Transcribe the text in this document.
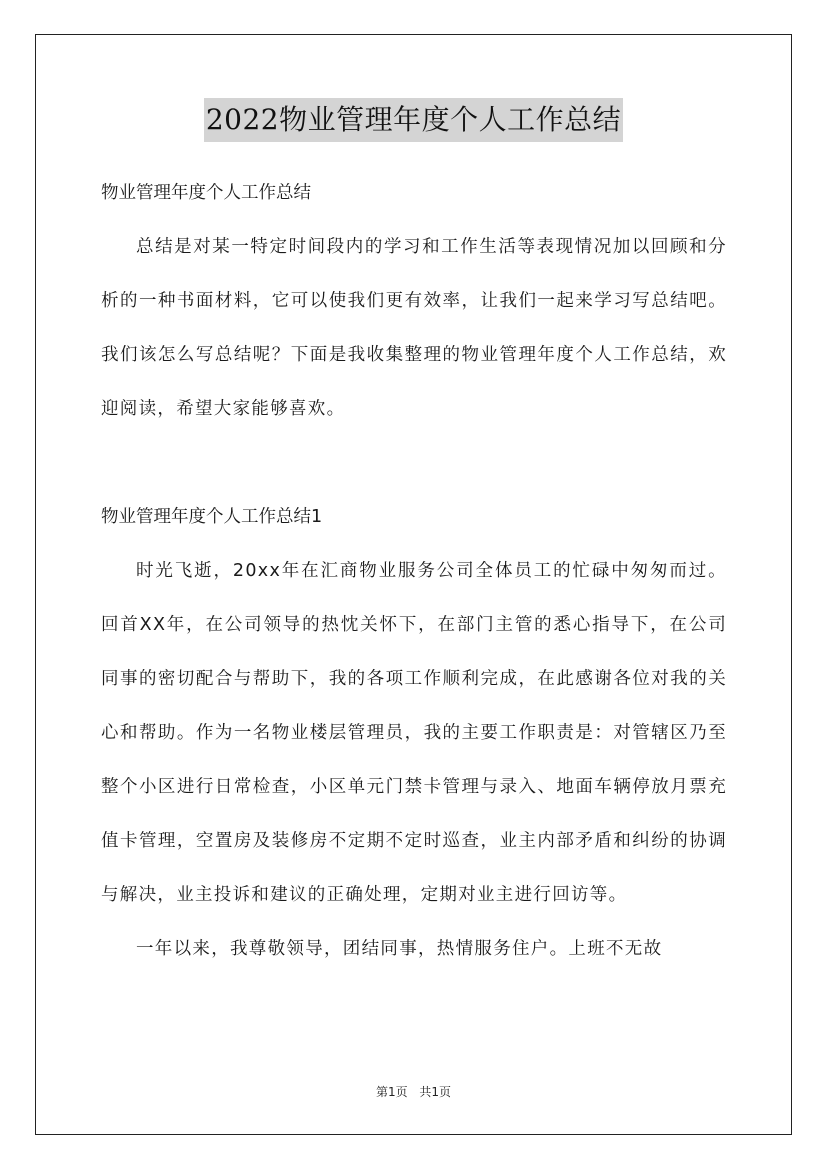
2022物业管理年度个人工作总结

物业管理年度个人工作总结

总结是对某一特定时间段内的学习和工作生活等表现情况加以回顾和分析的一种书面材料，它可以使我们更有效率，让我们一起来学习写总结吧。我们该怎么写总结呢？下面是我收集整理的物业管理年度个人工作总结，欢迎阅读，希望大家能够喜欢。

物业管理年度个人工作总结1

时光飞逝，20xx年在汇商物业服务公司全体员工的忙碌中匆匆而过。回首XX年，在公司领导的热忱关怀下，在部门主管的悉心指导下，在公司同事的密切配合与帮助下，我的各项工作顺利完成，在此感谢各位对我的关心和帮助。作为一名物业楼层管理员，我的主要工作职责是：对管辖区乃至整个小区进行日常检查，小区单元门禁卡管理与录入、地面车辆停放月票充值卡管理，空置房及装修房不定期不定时巡查，业主内部矛盾和纠纷的协调与解决，业主投诉和建议的正确处理，定期对业主进行回访等。

一年以来，我尊敬领导，团结同事，热情服务住户。上班不无故

第1页 共1页
